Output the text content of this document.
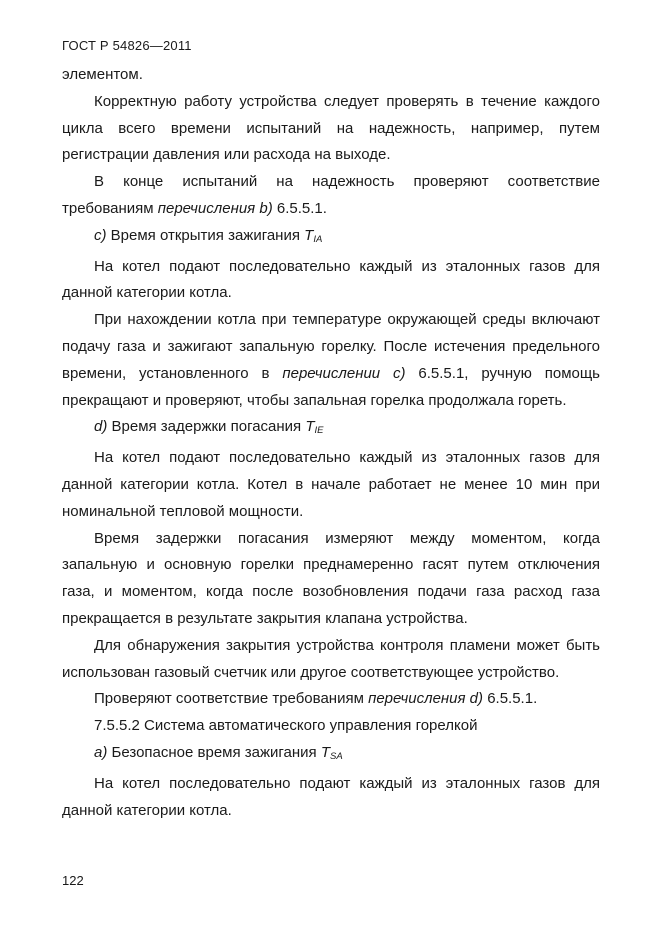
ГОСТ Р 54826—2011

элементом.

Корректную работу устройства следует проверять в течение каждого цикла всего времени испытаний на надежность, например, путем регистрации давления или расхода на выходе.

В конце испытаний на надежность проверяют соответствие требованиям перечисления b) 6.5.5.1.

с) Время открытия зажигания $T_{IA}$

На котел подают последовательно каждый из эталонных газов для данной категории котла.

При нахождении котла при температуре окружающей среды включают подачу газа и зажигают запальную горелку. После истечения предельного времени, установленного в перечислении с) 6.5.5.1, ручную помощь прекращают и проверяют, чтобы запальная горелка продолжала гореть.

d) Время задержки погасания $T_{IE}$

На котел подают последовательно каждый из эталонных газов для данной категории котла. Котел в начале работает не менее 10 мин при номинальной тепловой мощности.

Время задержки погасания измеряют между моментом, когда запальную и основную горелки преднамеренно гасят путем отключения газа, и моментом, когда после возобновления подачи газа расход газа прекращается в результате закрытия клапана устройства.

Для обнаружения закрытия устройства контроля пламени может быть использован газовый счетчик или другое соответствующее устройство.

Проверяют соответствие требованиям перечисления d) 6.5.5.1.

7.5.5.2 Система автоматического управления горелкой

а) Безопасное время зажигания $T_{SA}$

На котел последовательно подают каждый из эталонных газов для данной категории котла.

122
